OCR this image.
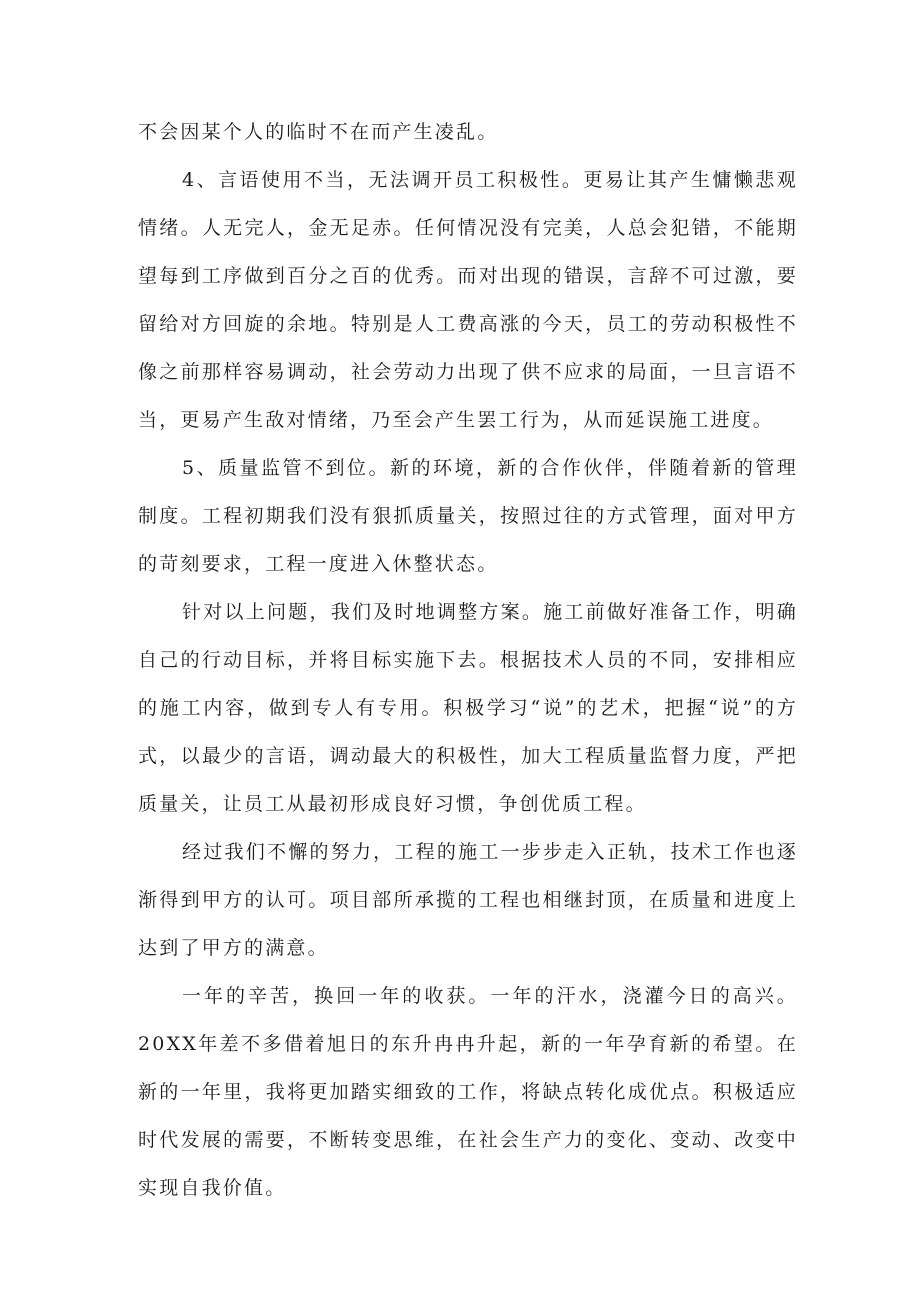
不会因某个人的临时不在而产生凌乱。

4、言语使用不当，无法调开员工积极性。更易让其产生慵懒悲观情绪。人无完人，金无足赤。任何情况没有完美，人总会犯错，不能期望每到工序做到百分之百的优秀。而对出现的错误，言辞不可过激，要留给对方回旋的余地。特别是人工费高涨的今天，员工的劳动积极性不像之前那样容易调动，社会劳动力出现了供不应求的局面，一旦言语不当，更易产生敌对情绪，乃至会产生罢工行为，从而延误施工进度。

5、质量监管不到位。新的环境，新的合作伙伴，伴随着新的管理制度。工程初期我们没有狠抓质量关，按照过往的方式管理，面对甲方的苛刻要求，工程一度进入休整状态。

针对以上问题，我们及时地调整方案。施工前做好准备工作，明确自己的行动目标，并将目标实施下去。根据技术人员的不同，安排相应的施工内容，做到专人有专用。积极学习“说”的艺术，把握“说”的方式，以最少的言语，调动最大的积极性，加大工程质量监督力度，严把质量关，让员工从最初形成良好习惯，争创优质工程。

经过我们不懈的努力，工程的施工一步步走入正轨，技术工作也逐渐得到甲方的认可。项目部所承揽的工程也相继封顶，在质量和进度上达到了甲方的满意。

一年的辛苦，换回一年的收获。一年的汗水，浇灌今日的高兴。20XX年差不多借着旭日的东升冉冉升起，新的一年孕育新的希望。在新的一年里，我将更加踏实细致的工作，将缺点转化成优点。积极适应时代发展的需要，不断转变思维，在社会生产力的变化、变动、改变中实现自我价值。
